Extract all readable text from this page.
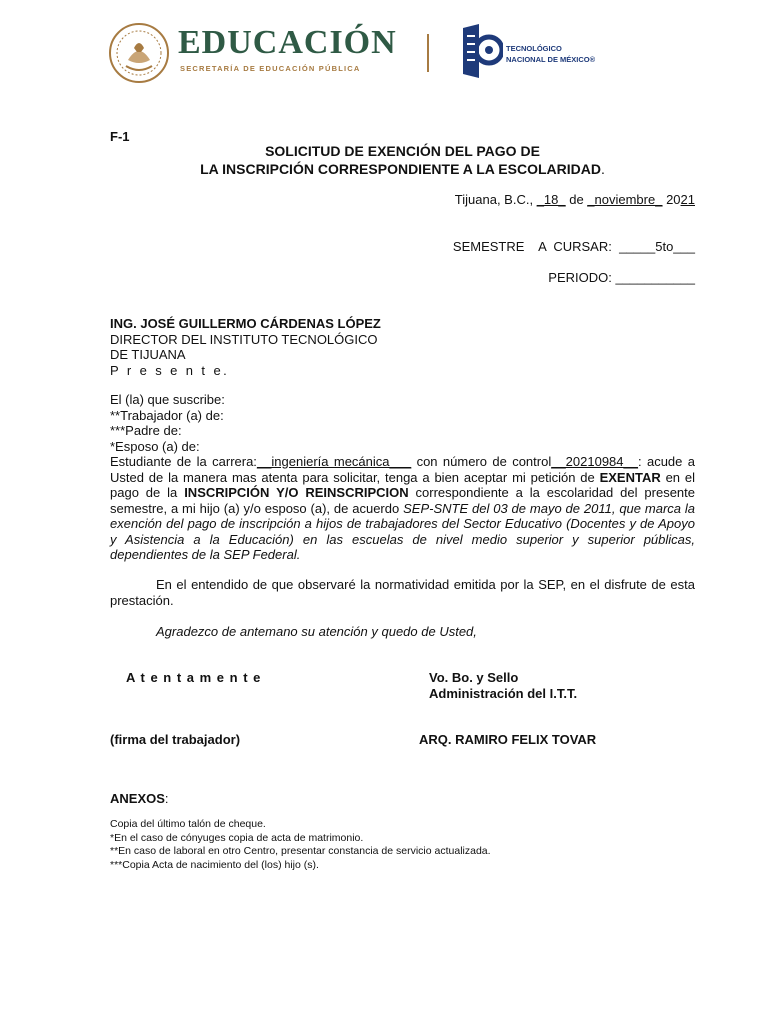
EDUCACIÓN
SECRETARÍA DE EDUCACIÓN PÚBLICA
TECNOLÓGICO
NACIONAL DE MÉXICO®
F-1
SOLICITUD DE EXENCIÓN DEL PAGO DE
LA INSCRIPCIÓN CORRESPONDIENTE A LA ESCOLARIDAD.
Tijuana, B.C., _18_ de _noviembre_ 2021
SEMESTRE    A  CURSAR:  _____5to___
PERIODO: ___________
ING. JOSÉ GUILLERMO CÁRDENAS LÓPEZ
DIRECTOR DEL INSTITUTO TECNOLÓGICO
DE TIJUANA
P r e s e n t e.
El (la) que suscribe:
**Trabajador (a) de:
***Padre de:
*Esposo (a) de:
Estudiante de la carrera:__ingeniería mecánica___ con número de control__20210984__: acude a Usted de la manera mas atenta para solicitar, tenga a bien aceptar mi petición de EXENTAR en el pago de la INSCRIPCIÓN Y/O REINSCRIPCION correspondiente a la escolaridad del presente semestre, a mi hijo (a) y/o esposo (a), de acuerdo SEP-SNTE del 03 de mayo de 2011, que marca la exención del pago de inscripción a hijos de trabajadores del Sector Educativo (Docentes y de Apoyo y Asistencia a la Educación) en las escuelas de nivel medio superior y superior públicas, dependientes de la SEP Federal.
En el entendido de que observaré la normatividad emitida por la SEP, en el disfrute de esta prestación.
Agradezco de antemano su atención y quedo de Usted,
A t e n t a m e n t e	Vo. Bo. y Sello
Administración del I.T.T.
(firma del trabajador)	ARQ. RAMIRO FELIX TOVAR
ANEXOS:
Copia del último talón de cheque.
*En el caso de cónyuges copia de acta de matrimonio.
**En caso de laboral en otro Centro, presentar constancia de servicio actualizada.
***Copia Acta de nacimiento del (los) hijo (s).
